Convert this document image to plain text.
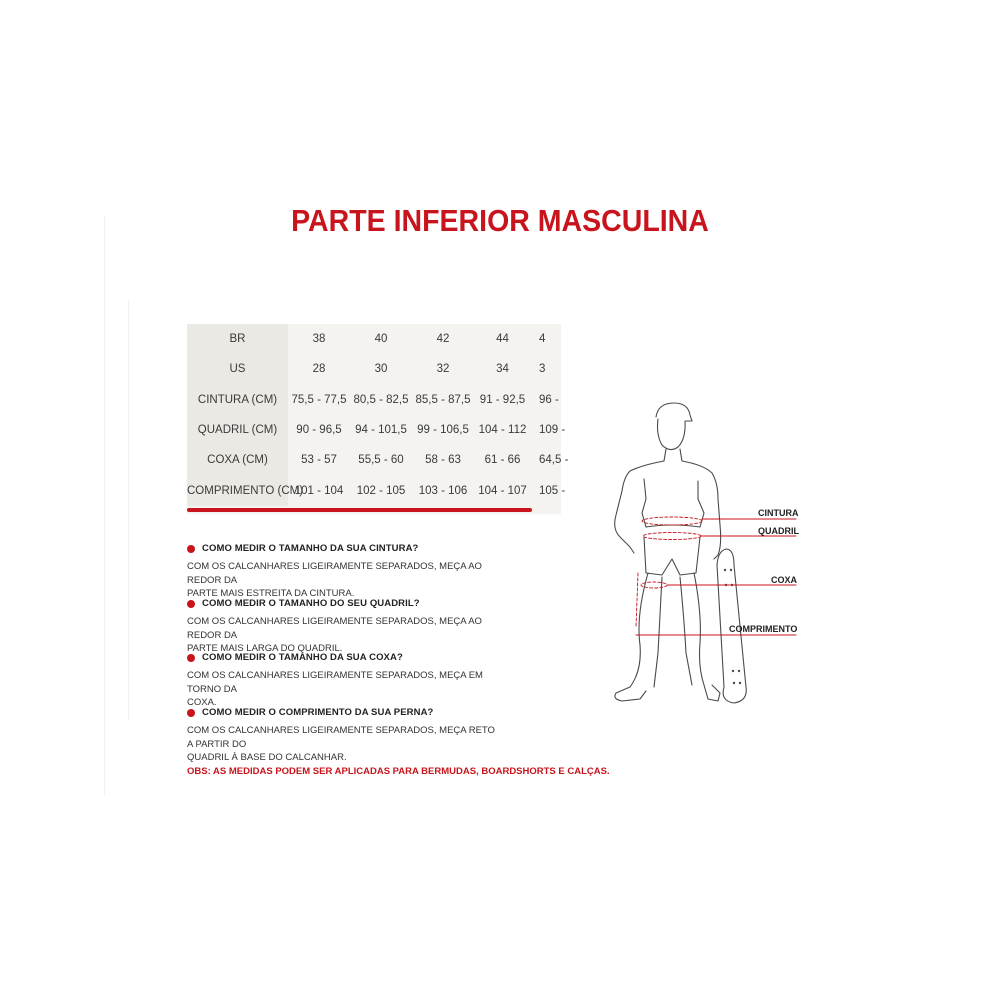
PARTE INFERIOR MASCULINA
BR	38	40	42	44	4
US	28	30	32	34	3
CINTURA (CM)	75,5 - 77,5	80,5 - 82,5	85,5 - 87,5	91 - 92,5	96 -
QUADRIL (CM)	90 - 96,5	94 - 101,5	99 - 106,5	104 - 112	109 -
COXA (CM)	53 - 57	55,5 - 60	58 - 63	61 - 66	64,5 -
COMPRIMENTO (CM)	101 - 104	102 - 105	103 - 106	104 - 107	105 -
COMO MEDIR O TAMANHO DA SUA CINTURA?
COM OS CALCANHARES LIGEIRAMENTE SEPARADOS, MEÇA AO REDOR DA
PARTE MAIS ESTREITA DA CINTURA.
COMO MEDIR O TAMANHO DO SEU QUADRIL?
COM OS CALCANHARES LIGEIRAMENTE SEPARADOS, MEÇA AO REDOR DA
PARTE MAIS LARGA DO QUADRIL.
COMO MEDIR O TAMANHO DA SUA COXA?
COM OS CALCANHARES LIGEIRAMENTE SEPARADOS, MEÇA EM TORNO DA
COXA.
COMO MEDIR O COMPRIMENTO DA SUA PERNA?
COM OS CALCANHARES LIGEIRAMENTE SEPARADOS, MEÇA RETO A PARTIR DO
QUADRIL À BASE DO CALCANHAR.
OBS: AS MEDIDAS PODEM SER APLICADAS PARA BERMUDAS, BOARDSHORTS E CALÇAS.
CINTURA
QUADRIL
COXA
COMPRIMENTO
